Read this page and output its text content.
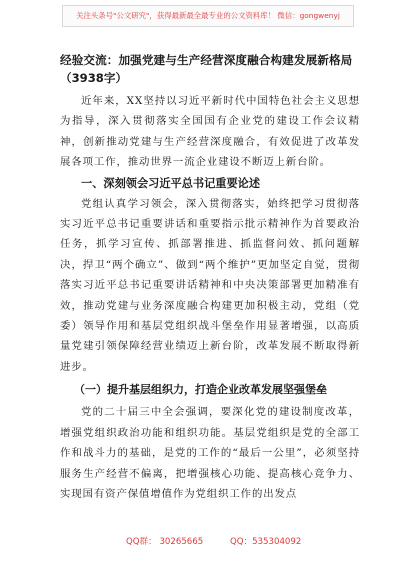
关注头条号"公文研究"，获得最新最全最专业的公文资料库！ 微信：gongwenyj
经验交流：加强党建与生产经营深度融合构建发展新格局
（3938字）

近年来，XX坚持以习近平新时代中国特色社会主义思想为指导，深入贯彻落实全国国有企业党的建设工作会议精神，创新推动党建与生产经营深度融合，有效促进了改革发展各项工作，推动世界一流企业建设不断迈上新台阶。

一、深刻领会习近平总书记重要论述

党组认真学习领会，深入贯彻落实，始终把学习贯彻落实习近平总书记重要讲话和重要指示批示精神作为首要政治任务，抓学习宣传、抓部署推进、抓监督问效、抓问题解决，捍卫“两个确立”、做到“两个维护”更加坚定自觉，贯彻落实习近平总书记重要讲话精神和中央决策部署更加精准有效，推动党建与业务深度融合构建更加积极主动，党组（党委）领导作用和基层党组织战斗堡垒作用显著增强，以高质量党建引领保障经营业绩迈上新台阶，改革发展不断取得新进步。

（一）提升基层组织力，打造企业改革发展坚强堡垒

党的二十届三中全会强调，要深化党的建设制度改革，增强党组织政治功能和组织功能。基层党组织是党的全部工作和战斗力的基础，是党的工作的“最后一公里”，必须坚持服务生产经营不偏离，把增强核心功能、提高核心竞争力、实现国有资产保值增值作为党组织工作的出发点

QQ群： 30265665	QQ：535304092
